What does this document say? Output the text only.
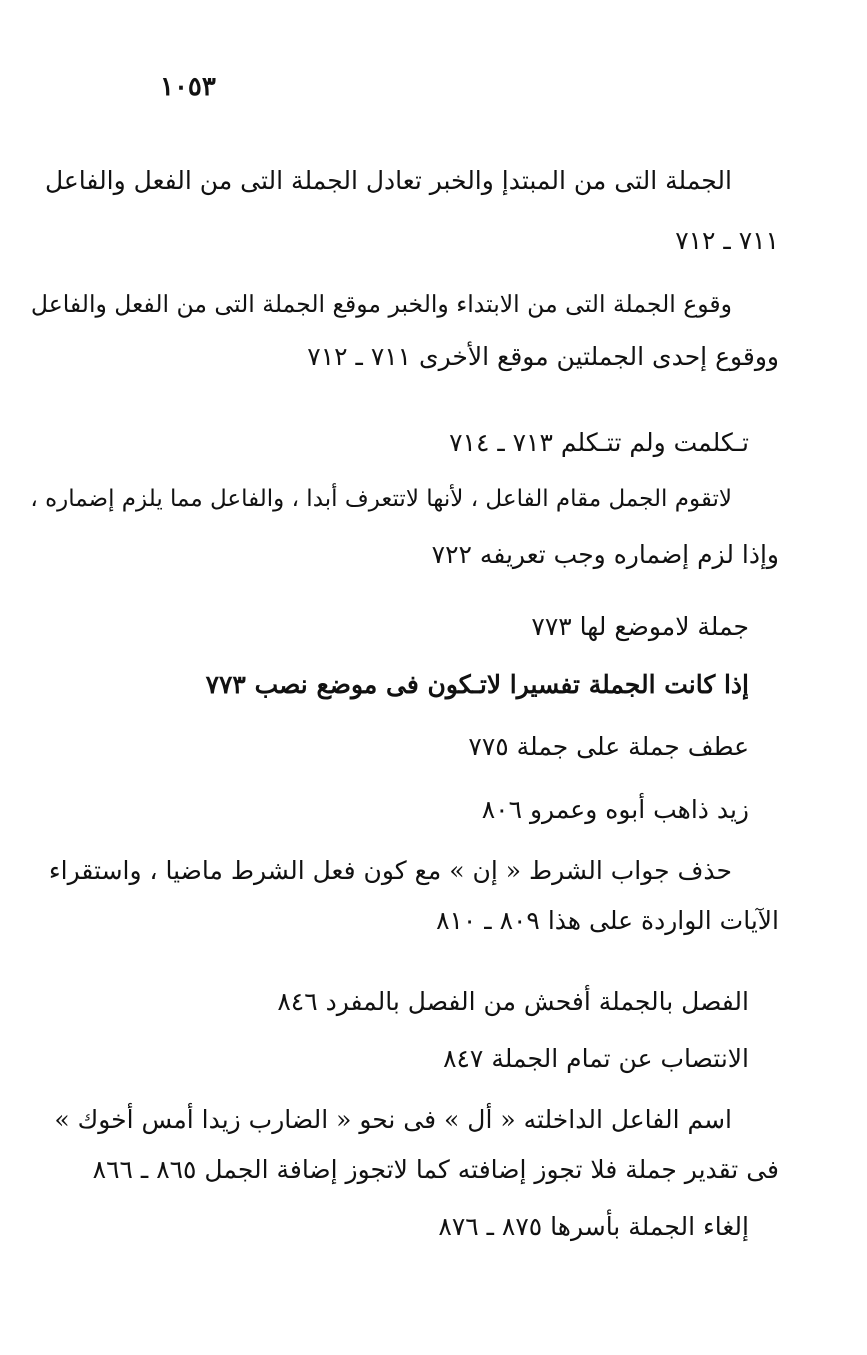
١٠٥٣
الجملة التى من المبتدإ والخبر تعادل الجملة التى من الفعل والفاعل
٧١١ ـ ٧١٢
وقوع الجملة التى من الابتداء والخبر موقع الجملة التى من الفعل والفاعل
ووقوع إحدى الجملتين موقع الأخرى ٧١١ ـ ٧١٢
تـكلمت ولم تتـكلم ٧١٣ ـ ٧١٤
لاتقوم الجمل مقام الفاعل ، لأنها لاتتعرف أبدا ، والفاعل مما يلزم إضماره ،
وإذا لزم إضماره وجب تعريفه ٧٢٢
جملة لاموضع لها ٧٧٣
إذا كانت الجملة تفسيرا لاتـكون فى موضع نصب ٧٧٣
عطف جملة على جملة ٧٧٥
زيد ذاهب أبوه وعمرو ٨٠٦
حذف جواب الشرط « إن » مع كون فعل الشرط ماضيا ، واستقراء
الآيات الواردة على هذا ٨٠٩ ـ ٨١٠
الفصل بالجملة أفحش من الفصل بالمفرد ٨٤٦
الانتصاب عن تمام الجملة ٨٤٧
اسم الفاعل الداخلته « أل » فى نحو « الضارب زيدا أمس أخوك »
فى تقدير جملة فلا تجوز إضافته كما لاتجوز إضافة الجمل ٨٦٥ ـ ٨٦٦
إلغاء الجملة بأسرها ٨٧٥ ـ ٨٧٦
